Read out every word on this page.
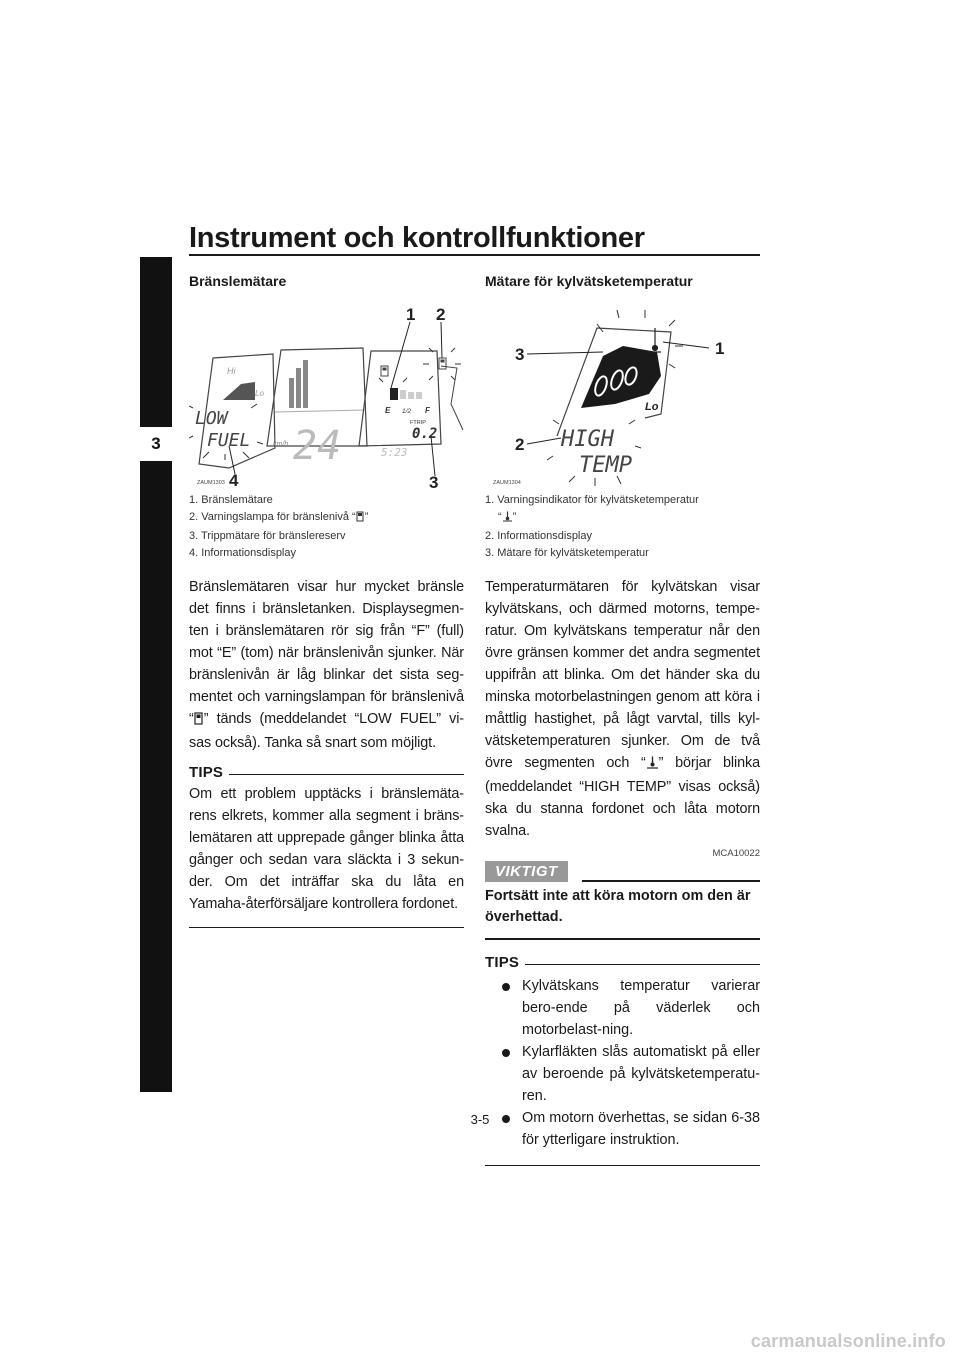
Instrument och kontrollfunktioner
3
Bränslemätare
Hi
Lo
24
km/h
E 1/2 F
FTRIP
0.2
5:23
LOW
FUEL
1 2
3
4
ZAUM1303
1. Bränslemätare
2. Varningslampa för bränslenivå “ ”
3. Trippmätare för bränslereserv
4. Informationsdisplay
Bränslemätaren visar hur mycket bränsle det finns i bränsletanken. Displaysegmen-ten i bränslemätaren rör sig från “F” (full) mot “E” (tom) när bränslenivån sjunker. När bränslenivån är låg blinkar det sista seg-mentet och varningslampan för bränslenivå “ ” tänds (meddelandet “LOW FUEL” vi-sas också). Tanka så snart som möjligt.
TIPS
Om ett problem upptäcks i bränslemäta-rens elkrets, kommer alla segment i bräns-lemätaren att upprepade gånger blinka åtta gånger och sedan vara släckta i 3 sekun-der. Om det inträffar ska du låta en Yamaha-återförsäljare kontrollera fordonet.
Mätare för kylvätsketemperatur
Hi
Lo
HIGH
TEMP
3
2
1
ZAUM1304
1. Varningsindikator för kylvätsketemperatur
“ ”
2. Informationsdisplay
3. Mätare för kylvätsketemperatur
Temperaturmätaren för kylvätskan visar kylvätskans, och därmed motorns, tempe-ratur. Om kylvätskans temperatur når den övre gränsen kommer det andra segmentet uppifrån att blinka. Om det händer ska du minska motorbelastningen genom att köra i måttlig hastighet, på lågt varvtal, tills kyl-vätsketemperaturen sjunker. Om de två övre segmenten och “ ” börjar blinka (meddelandet “HIGH TEMP” visas också) ska du stanna fordonet och låta motorn svalna.
MCA10022
VIKTIGT
Fortsätt inte att köra motorn om den är överhettad.
TIPS
Kylvätskans temperatur varierar bero-ende på väderlek och motorbelast-ning.
Kylarfläkten slås automatiskt på eller av beroende på kylvätsketemperatu-ren.
Om motorn överhettas, se sidan 6-38 för ytterligare instruktion.
3-5
carmanualsonline.info
